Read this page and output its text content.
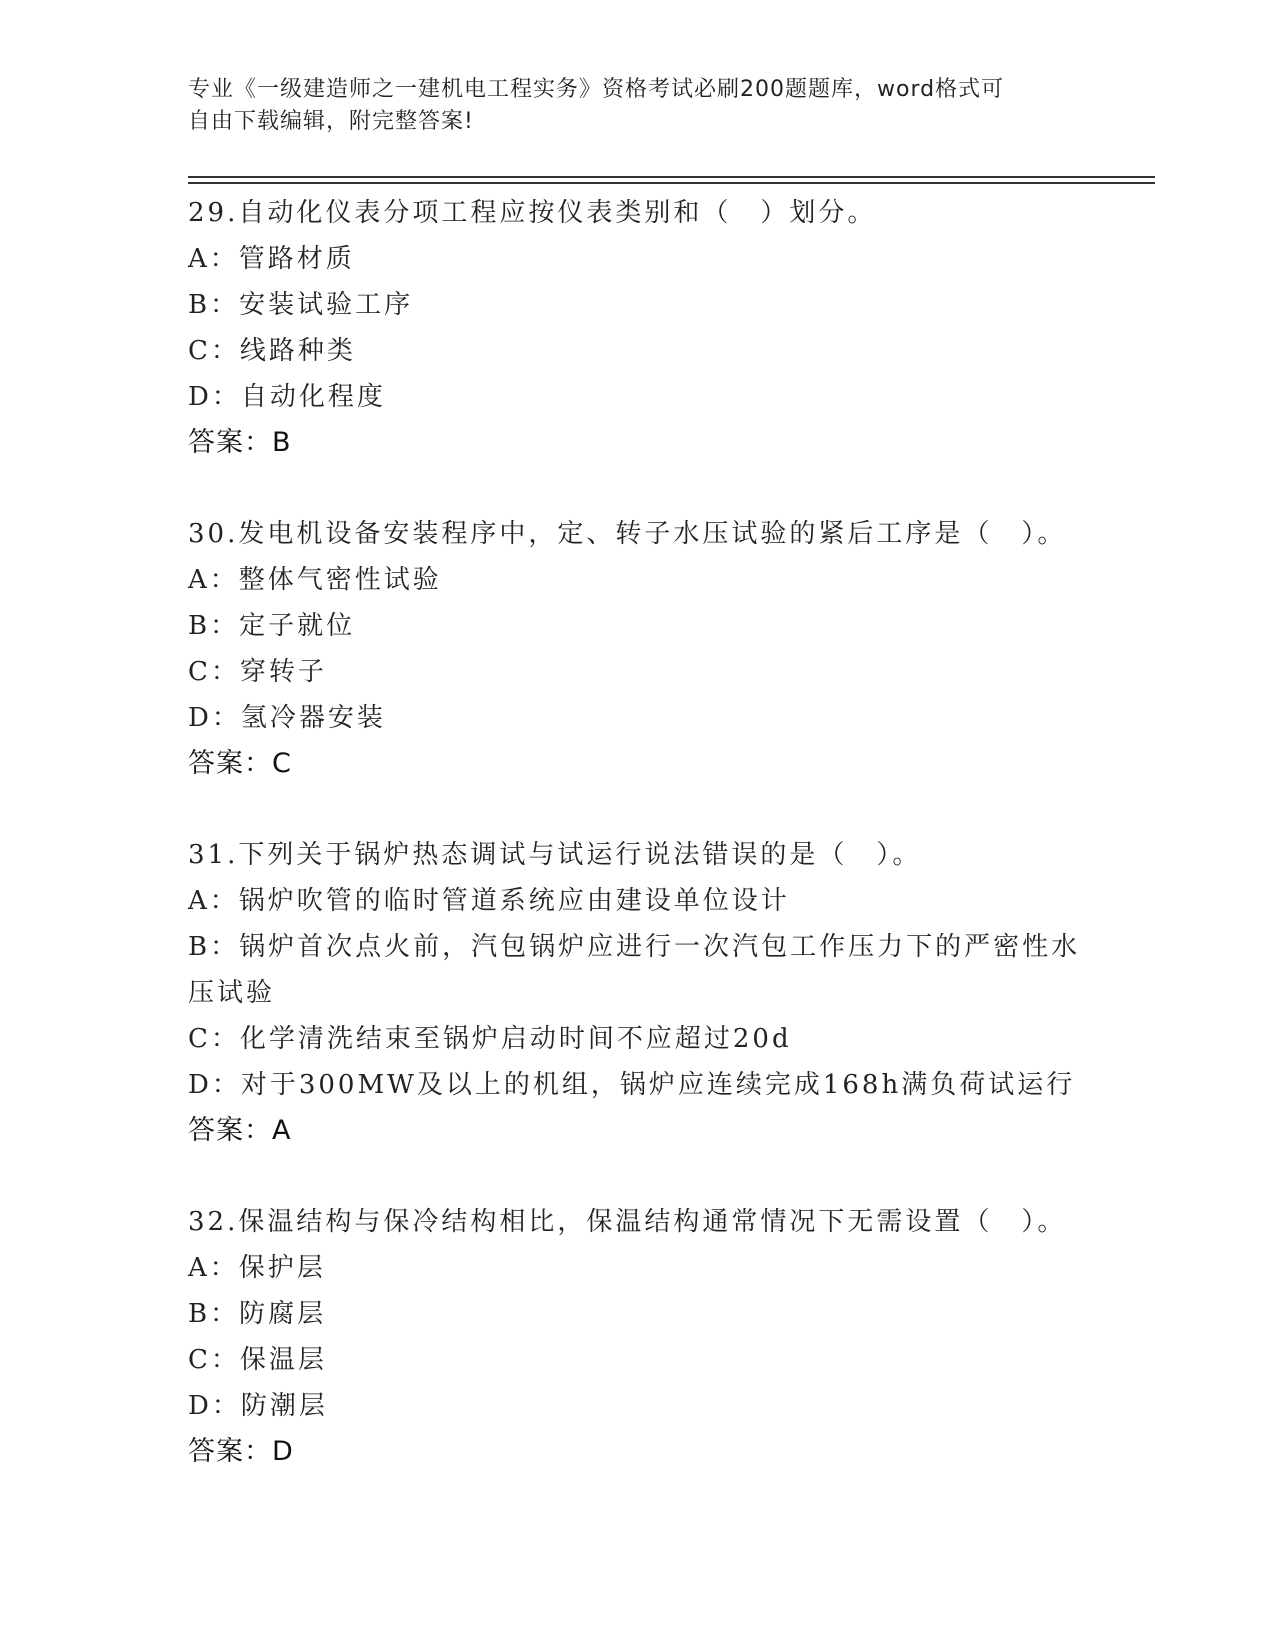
专业《一级建造师之一建机电工程实务》资格考试必刷200题题库，word格式可
自由下载编辑，附完整答案!
29.自动化仪表分项工程应按仪表类别和（　）划分。
A：管路材质
B：安装试验工序
C：线路种类
D：自动化程度
答案：B
30.发电机设备安装程序中，定、转子水压试验的紧后工序是（　）。
A：整体气密性试验
B：定子就位
C：穿转子
D：氢冷器安装
答案：C
31.下列关于锅炉热态调试与试运行说法错误的是（　）。
A：锅炉吹管的临时管道系统应由建设单位设计
B：锅炉首次点火前，汽包锅炉应进行一次汽包工作压力下的严密性水压试验
C：化学清洗结束至锅炉启动时间不应超过20d
D：对于300MW及以上的机组，锅炉应连续完成168h满负荷试运行
答案：A
32.保温结构与保冷结构相比，保温结构通常情况下无需设置（　）。
A：保护层
B：防腐层
C：保温层
D：防潮层
答案：D
